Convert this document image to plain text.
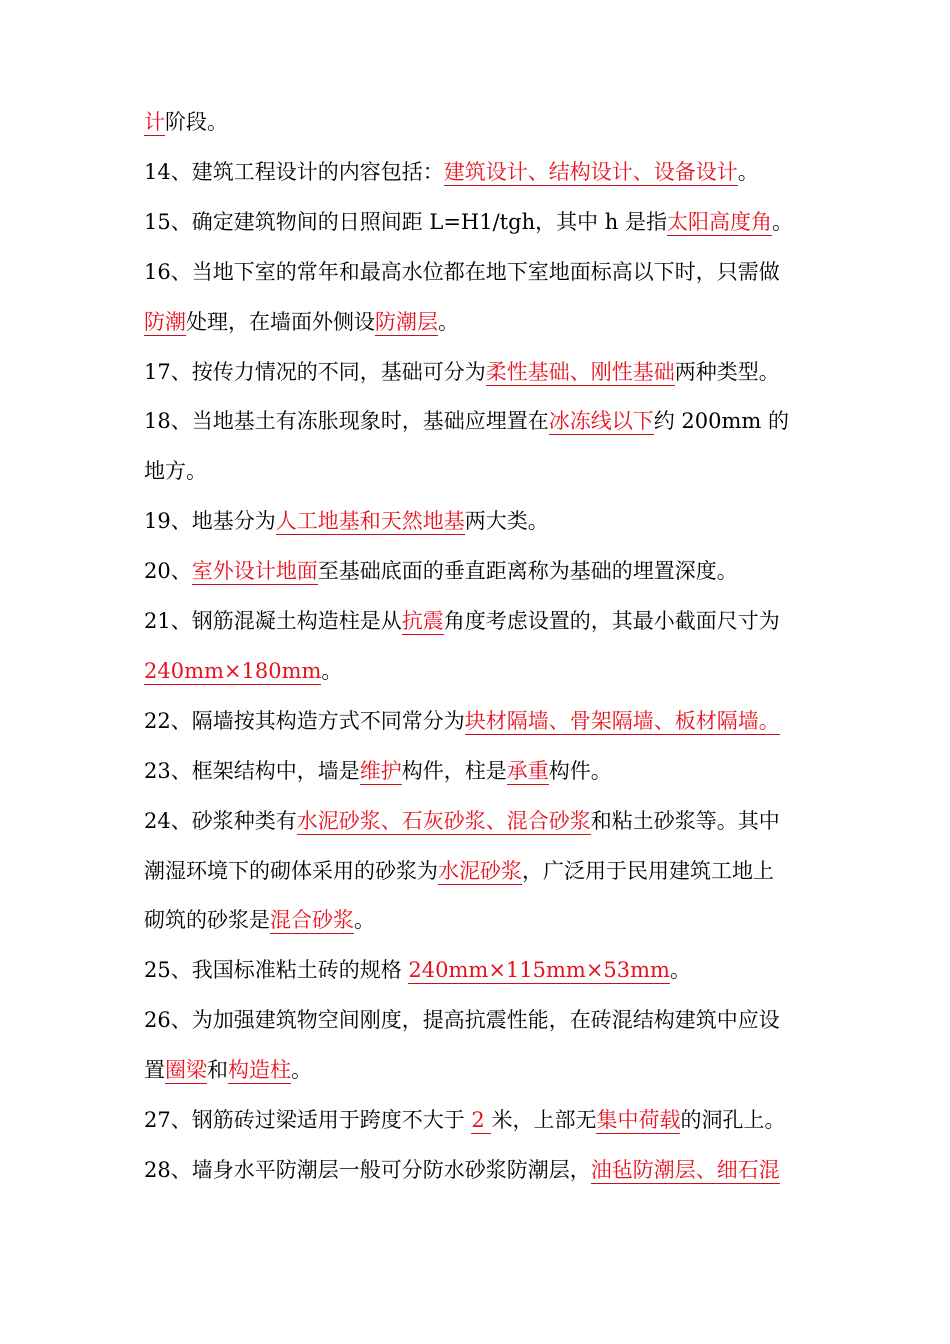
计阶段。
14、建筑工程设计的内容包括：建筑设计、结构设计、设备设计。
15、确定建筑物间的日照间距 L=H1/tgh，其中 h 是指太阳高度角。
16、当地下室的常年和最高水位都在地下室地面标高以下时，只需做
防潮处理，在墙面外侧设防潮层。
17、按传力情况的不同，基础可分为柔性基础、刚性基础两种类型。
18、当地基土有冻胀现象时，基础应埋置在冰冻线以下约 200mm 的
地方。
19、地基分为人工地基和天然地基两大类。
20、室外设计地面至基础底面的垂直距离称为基础的埋置深度。
21、钢筋混凝土构造柱是从抗震角度考虑设置的，其最小截面尺寸为
240mm×180mm。
22、隔墙按其构造方式不同常分为块材隔墙、骨架隔墙、板材隔墙。
23、框架结构中，墙是维护构件，柱是承重构件。
24、砂浆种类有水泥砂浆、石灰砂浆、混合砂浆和粘土砂浆等。其中
潮湿环境下的砌体采用的砂浆为水泥砂浆，广泛用于民用建筑工地上
砌筑的砂浆是混合砂浆。
25、我国标准粘土砖的规格 240mm×115mm×53mm。
26、为加强建筑物空间刚度，提高抗震性能，在砖混结构建筑中应设
置圈梁和构造柱。
27、钢筋砖过梁适用于跨度不大于 2 米，上部无集中荷载的洞孔上。
28、墙身水平防潮层一般可分防水砂浆防潮层，油毡防潮层、细石混
